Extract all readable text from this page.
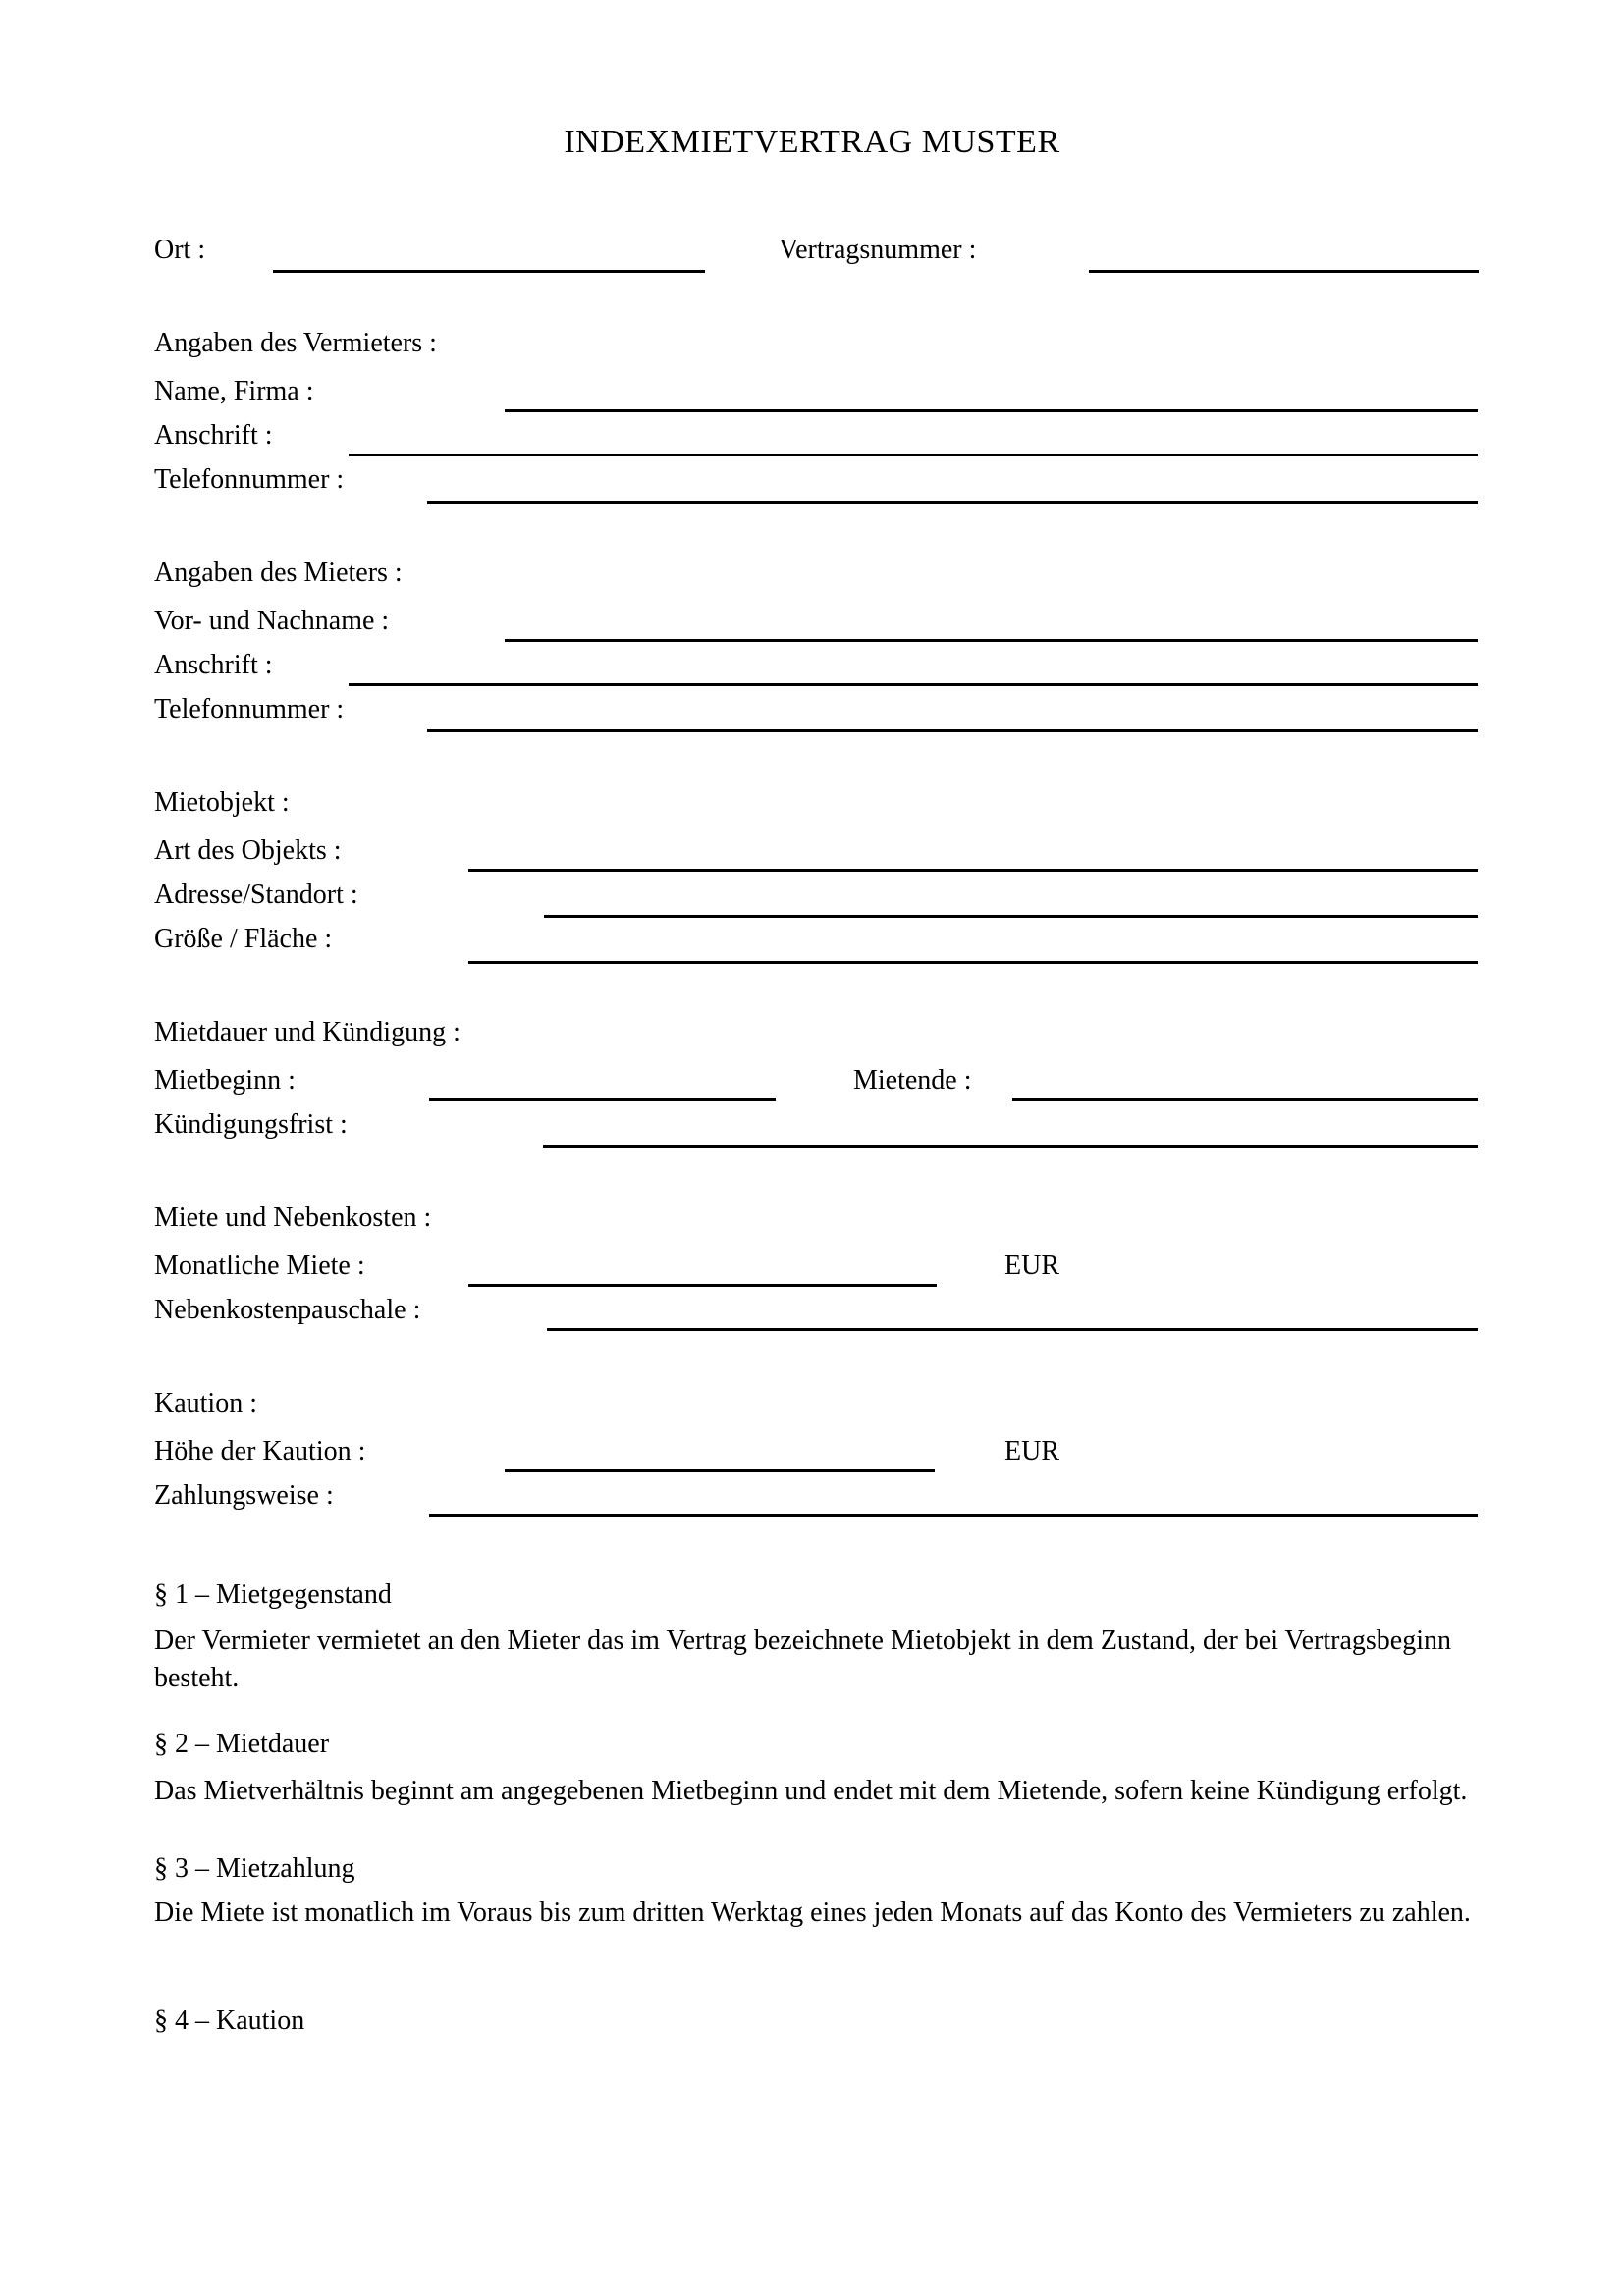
INDEXMIETVERTRAG MUSTER
Ort :	Vertragsnummer :
Angaben des Vermieters :
Name, Firma :
Anschrift :
Telefonnummer :
Angaben des Mieters :
Vor- und Nachname :
Anschrift :
Telefonnummer :
Mietobjekt :
Art des Objekts :
Adresse/Standort :
Größe / Fläche :
Mietdauer und Kündigung :
Mietbeginn :	Mietende :
Kündigungsfrist :
Miete und Nebenkosten :
Monatliche Miete :	EUR
Nebenkostenpauschale :
Kaution :
Höhe der Kaution :	EUR
Zahlungsweise :
§ 1 – Mietgegenstand
Der Vermieter vermietet an den Mieter das im Vertrag bezeichnete Mietobjekt in dem Zustand, der bei Vertragsbeginn besteht.
§ 2 – Mietdauer
Das Mietverhältnis beginnt am angegebenen Mietbeginn und endet mit dem Mietende, sofern keine Kündigung erfolgt.
§ 3 – Mietzahlung
Die Miete ist monatlich im Voraus bis zum dritten Werktag eines jeden Monats auf das Konto des Vermieters zu zahlen.
§ 4 – Kaution
